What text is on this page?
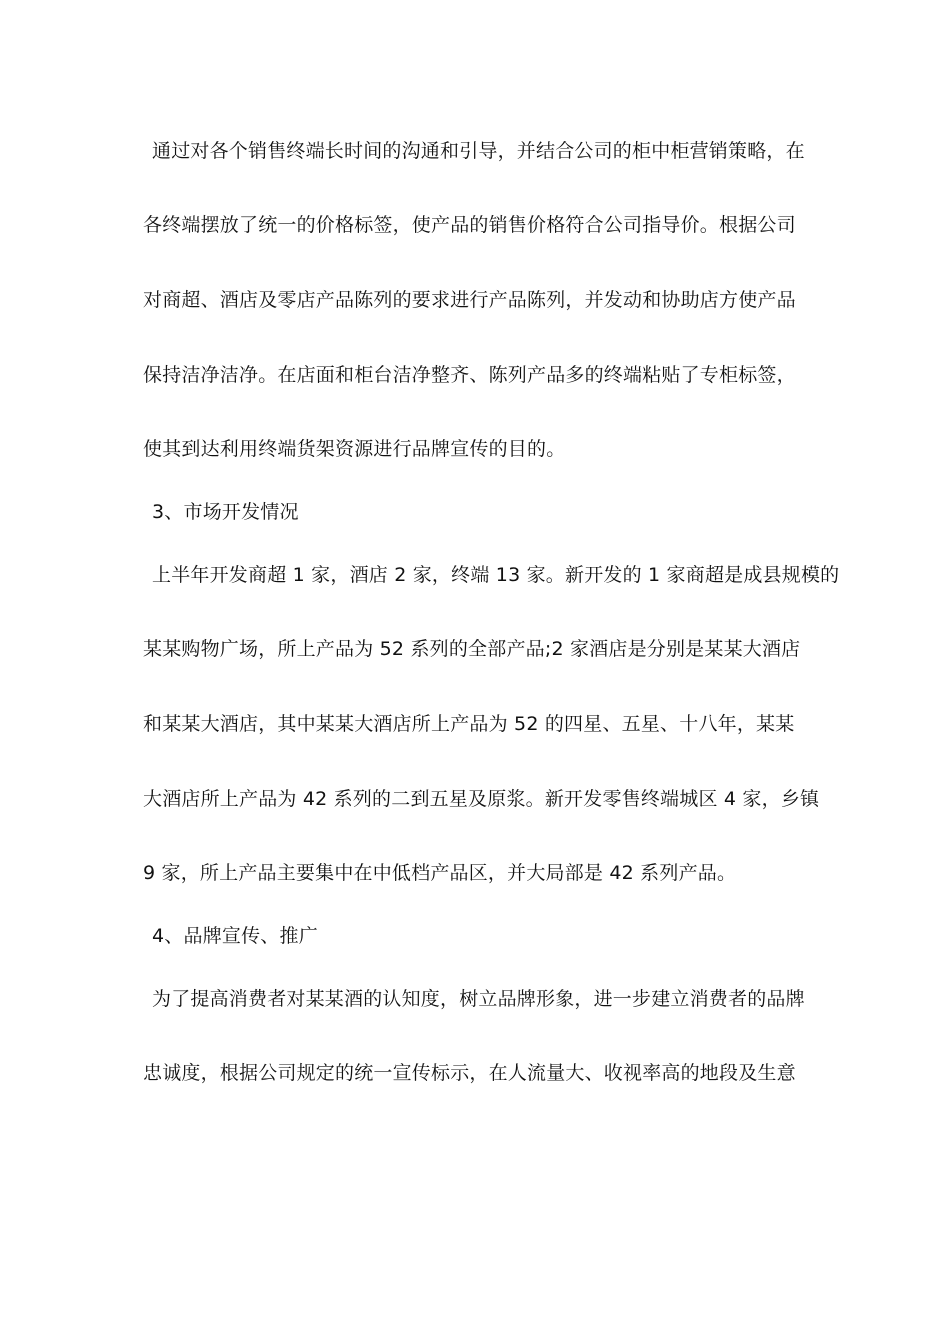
通过对各个销售终端长时间的沟通和引导，并结合公司的柜中柜营销策略，在
各终端摆放了统一的价格标签，使产品的销售价格符合公司指导价。根据公司
对商超、酒店及零店产品陈列的要求进行产品陈列，并发动和协助店方使产品
保持洁净洁净。在店面和柜台洁净整齐、陈列产品多的终端粘贴了专柜标签，
使其到达利用终端货架资源进行品牌宣传的目的。
3、市场开发情况
上半年开发商超 1 家，酒店 2 家，终端 13 家。新开发的 1 家商超是成县规模的
某某购物广场，所上产品为 52 系列的全部产品;2 家酒店是分别是某某大酒店
和某某大酒店，其中某某大酒店所上产品为 52 的四星、五星、十八年，某某
大酒店所上产品为 42 系列的二到五星及原浆。新开发零售终端城区 4 家，乡镇
9 家，所上产品主要集中在中低档产品区，并大局部是 42 系列产品。
4、品牌宣传、推广
为了提高消费者对某某酒的认知度，树立品牌形象，进一步建立消费者的品牌
忠诚度，根据公司规定的统一宣传标示，在人流量大、收视率高的地段及生意
